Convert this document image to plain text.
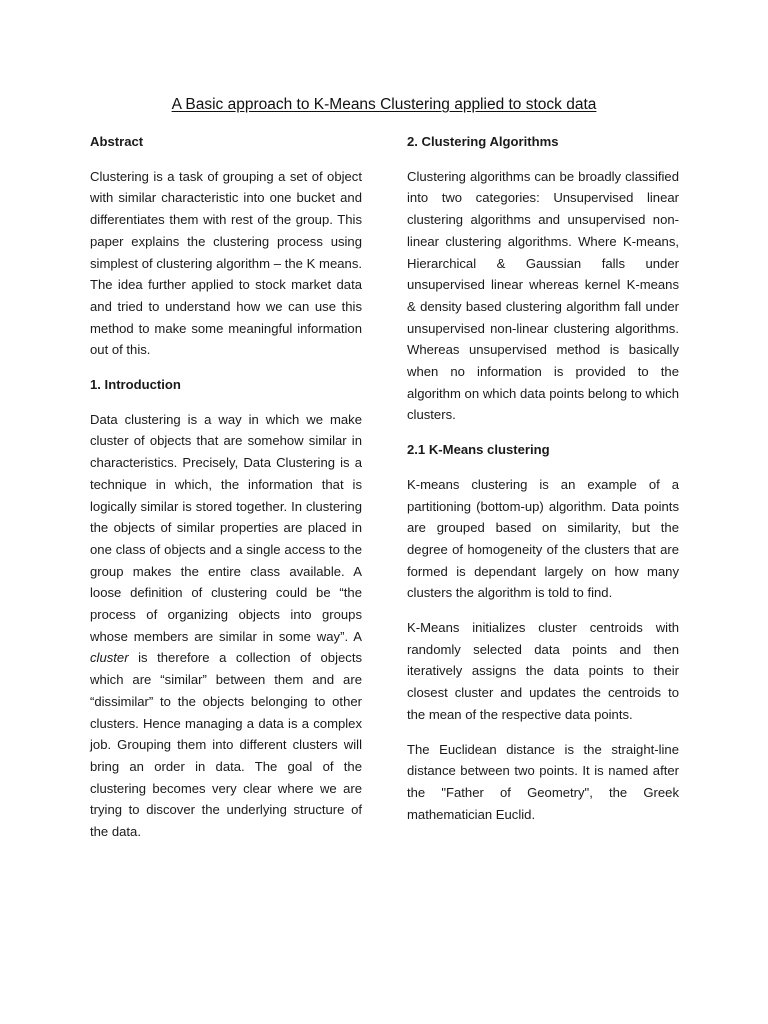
A Basic approach to K-Means Clustering applied to stock data

Abstract

Clustering is a task of grouping a set of object with similar characteristic into one bucket and differentiates them with rest of the group. This paper explains the clustering process using simplest of clustering algorithm – the K means. The idea further applied to stock market data and tried to understand how we can use this method to make some meaningful information out of this.

1. Introduction

Data clustering is a way in which we make cluster of objects that are somehow similar in characteristics. Precisely, Data Clustering is a technique in which, the information that is logically similar is stored together. In clustering the objects of similar properties are placed in one class of objects and a single access to the group makes the entire class available. A loose definition of clustering could be “the process of organizing objects into groups whose members are similar in some way”. A cluster is therefore a collection of objects which are “similar” between them and are “dissimilar” to the objects belonging to other clusters. Hence managing a data is a complex job. Grouping them into different clusters will bring an order in data. The goal of the clustering becomes very clear where we are trying to discover the underlying structure of the data.

2. Clustering Algorithms

Clustering algorithms can be broadly classified into two categories: Unsupervised linear clustering algorithms and unsupervised non-linear clustering algorithms. Where K-means, Hierarchical & Gaussian falls under unsupervised linear whereas kernel K-means & density based clustering algorithm fall under unsupervised non-linear clustering algorithms. Whereas unsupervised method is basically when no information is provided to the algorithm on which data points belong to which clusters.

2.1 K-Means clustering

K-means clustering is an example of a partitioning (bottom-up) algorithm. Data points are grouped based on similarity, but the degree of homogeneity of the clusters that are formed is dependant largely on how many clusters the algorithm is told to find.

K-Means initializes cluster centroids with randomly selected data points and then iteratively assigns the data points to their closest cluster and updates the centroids to the mean of the respective data points.

The Euclidean distance is the straight-line distance between two points. It is named after the "Father of Geometry", the Greek mathematician Euclid.
